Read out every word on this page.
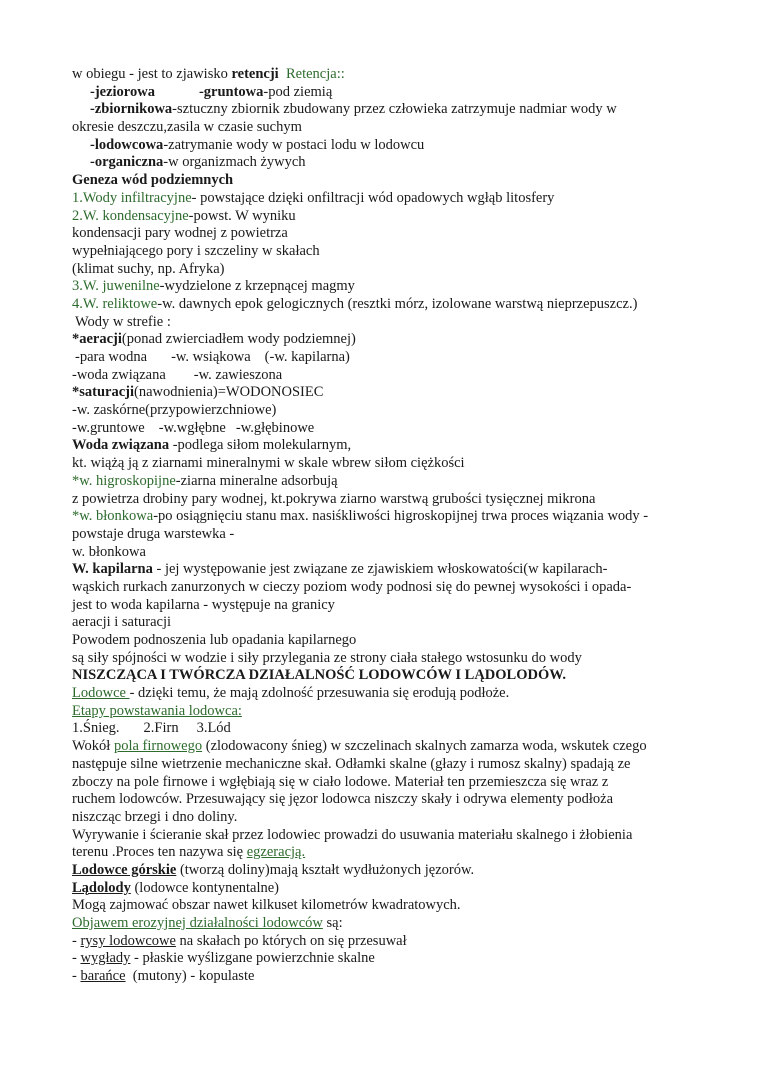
w obiegu - jest to zjawisko retencji Retencja::
-jeziorowa	-gruntowa-pod ziemią
-zbiornikowa-sztuczny zbiornik zbudowany przez człowieka zatrzymuje nadmiar wody w
okresie deszczu,zasila w czasie suchym
-lodowcowa-zatrymanie wody w postaci lodu w lodowcu
-organiczna-w organizmach żywych
Geneza wód podziemnych
1.Wody infiltracyjne- powstające dzięki onfiltracji wód opadowych wgłąb litosfery
2.W. kondensacyjne-powst. W wyniku
kondensacji pary wodnej z powietrza
wypełniającego pory i szczeliny w skałach
(klimat suchy, np. Afryka)
3.W. juwenilne-wydzielone z krzepnącej magmy
4.W. reliktowe-w. dawnych epok gelogicznych (resztki mórz, izolowane warstwą nieprzepuszcz.)
Wody w strefie :
*aeracji(ponad zwierciadłem wody podziemnej)
-para wodna -w. wsiąkowa (-w. kapilarna)
-woda związana -w. zawieszona
*saturacji(nawodnienia)=WODONOSIEC
-w. zaskórne(przypowierzchniowe)
-w.gruntowe -w.wgłębne -w.głębinowe
Woda związana -podlega siłom molekularnym,
kt. wiążą ją z ziarnami mineralnymi w skale wbrew siłom ciężkości
*w. higroskopijne-ziarna mineralne adsorbują
z powietrza drobiny pary wodnej, kt.pokrywa ziarno warstwą grubości tysięcznej mikrona
*w. błonkowa-po osiągnięciu stanu max. nasiśkliwości higroskopijnej trwa proces wiązania wody -
powstaje druga warstewka -
w. błonkowa
W. kapilarna - jej występowanie jest związane ze zjawiskiem włoskowatości(w kapilarach-
wąskich rurkach zanurzonych w cieczy poziom wody podnosi się do pewnej wysokości i opada-
jest to woda kapilarna - występuje na granicy
aeracji i saturacji
Powodem podnoszenia lub opadania kapilarnego
są siły spójności w wodzie i siły przylegania ze strony ciała stałego wstosunku do wody
NISZCZĄCA I TWÓRCZA DZIAŁALNOŚĆ LODOWCÓW I LĄDOLODÓW.
Lodowce - dzięki temu, że mają zdolność przesuwania się erodują podłoże.
Etapy powstawania lodowca:
1.Śnieg. 2.Firn 3.Lód
Wokół pola firnowego (zlodowacony śnieg) w szczelinach skalnych zamarza woda, wskutek czego
następuje silne wietrzenie mechaniczne skał. Odłamki skalne (głazy i rumosz skalny) spadają ze
zboczy na pole firnowe i wgłębiają się w ciało lodowe. Materiał ten przemieszcza się wraz z
ruchem lodowców. Przesuwający się jęzor lodowca niszczy skały i odrywa elementy podłoża
niszcząc brzegi i dno doliny.
Wyrywanie i ścieranie skał przez lodowiec prowadzi do usuwania materiału skalnego i żłobienia
terenu .Proces ten nazywa się egzeracją.
Lodowce górskie (tworzą doliny)mają kształt wydłużonych jęzorów.
Lądolody (lodowce kontynentalne)
Mogą zajmować obszar nawet kilkuset kilometrów kwadratowych.
Objawem erozyjnej działalności lodowców są:
- rysy lodowcowe na skałach po których on się przesuwał
- wygłady - płaskie wyślizgane powierzchnie skalne
- barańce  (mutony) - kopulaste
